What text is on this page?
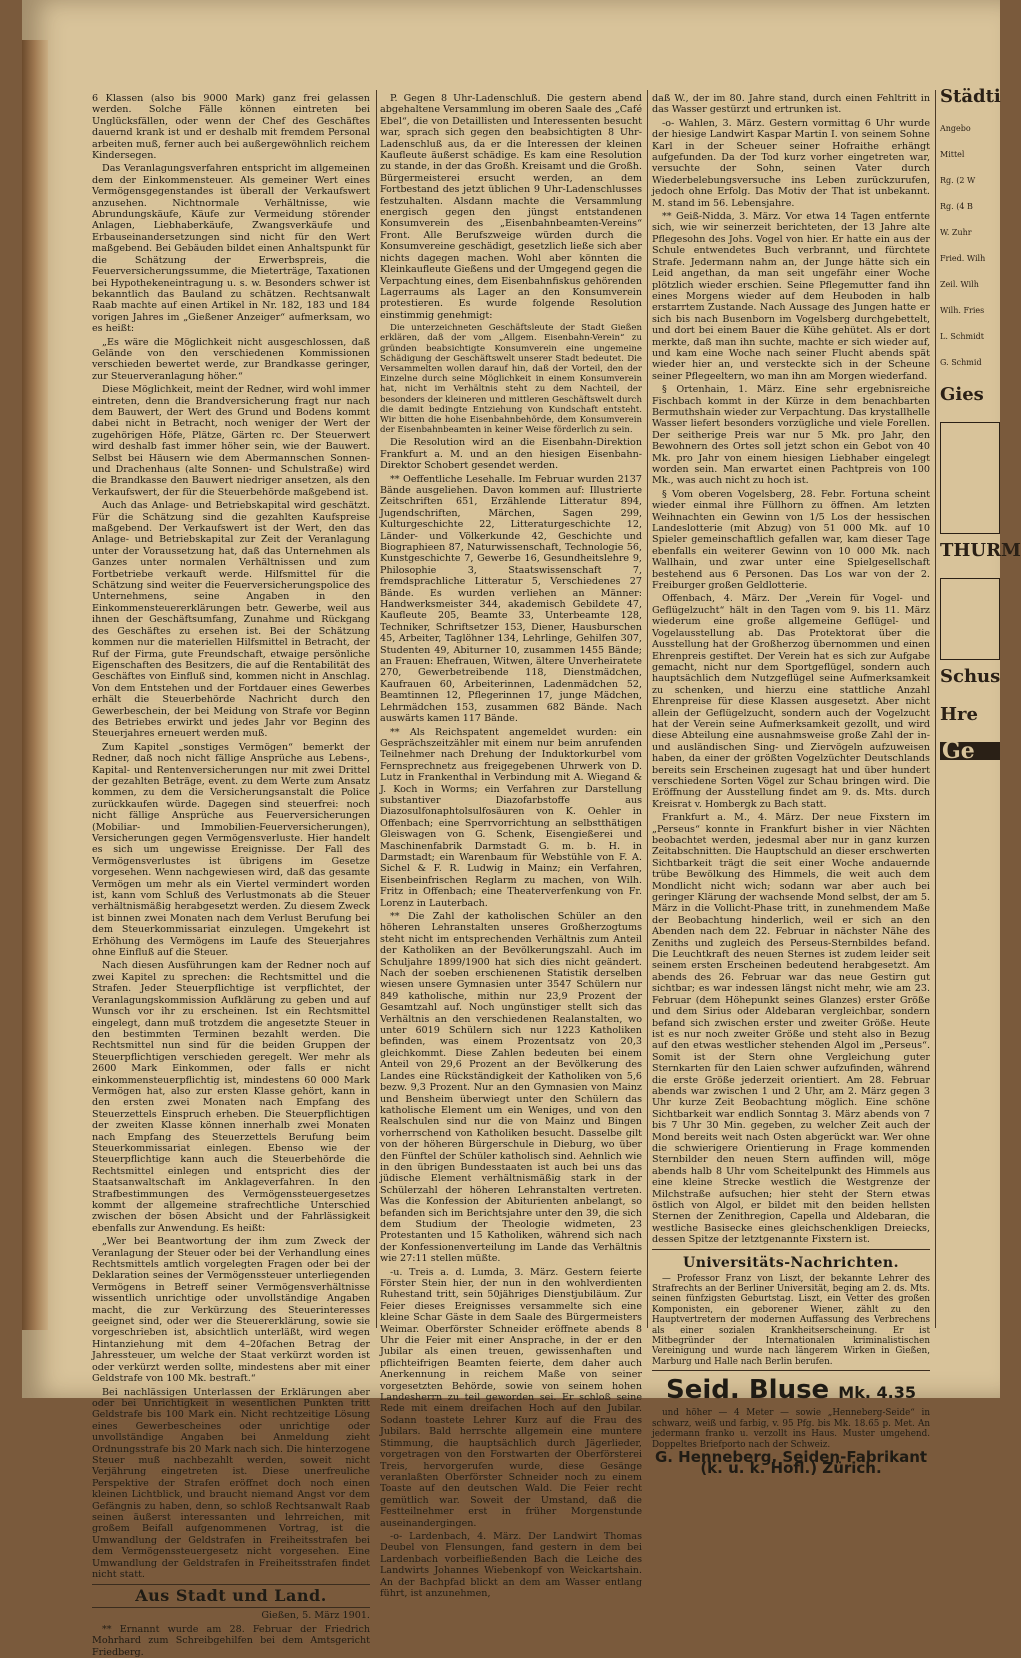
6 Klassen (also bis 9000 Mark) ganz frei gelassen werden. Solche Fälle können eintreten bei Unglücksfällen, oder wenn der Chef des Geschäftes dauernd krank ist und er deshalb mit fremdem Personal arbeiten muß, ferner auch bei außergewöhnlich reichem Kindersegen.

Das Veranlagungsverfahren entspricht im allgemeinen dem der Einkommensteuer. Als gemeiner Wert eines Vermögensgegenstandes ist überall der Verkaufswert anzusehen. Nichtnormale Verhältnisse, wie Abrundungskäufe, Käufe zur Vermeidung störender Anlagen, Liebhaberkäufe, Zwangsverkäufe und Erbauseinandersetzungen sind nicht für den Wert maßgebend. Bei Gebäuden bildet einen Anhaltspunkt für die Schätzung der Erwerbspreis, die Feuerversicherungssumme, die Mieterträge, Taxationen bei Hypothekeneintragung u. s. w. Besonders schwer ist bekanntlich das Bauland zu schätzen. Rechtsanwalt Raab machte auf einen Artikel in Nr. 182, 183 und 184 vorigen Jahres im „Gießener Anzeiger“ aufmerksam, wo es heißt:

„Es wäre die Möglichkeit nicht ausgeschlossen, daß Gelände von den verschiedenen Kommissionen verschieden bewertet werde, zur Brandkasse geringer, zur Steuerveranlagung höher.“

Diese Möglichkeit, meint der Redner, wird wohl immer eintreten, denn die Brandversicherung fragt nur nach dem Bauwert, der Wert des Grund und Bodens kommt dabei nicht in Betracht, noch weniger der Wert der zugehörigen Höfe, Plätze, Gärten rc. Der Steuerwert wird deshalb fast immer höher sein, wie der Bauwert. Selbst bei Häusern wie dem Abermannschen Sonnen- und Drachenhaus (alte Sonnen- und Schulstraße) wird die Brandkasse den Bauwert niedriger ansetzen, als den Verkaufswert, der für die Steuerbehörde maßgebend ist.

Auch das Anlage- und Betriebskapital wird geschätzt. Für die Schätzung sind die gezahlten Kaufspreise maßgebend. Der Verkaufswert ist der Wert, den das Anlage- und Betriebskapital zur Zeit der Veranlagung unter der Voraussetzung hat, daß das Unternehmen als Ganzes unter normalen Verhältnissen und zum Fortbetriebe verkauft werde. Hilfsmittel für die Schätzung sind weiter die Feuerversicherungspolice des Unternehmens, seine Angaben in den Einkommensteuererklärungen betr. Gewerbe, weil aus ihnen der Geschäftsumfang, Zunahme und Rückgang des Geschäftes zu ersehen ist. Bei der Schätzung kommen nur die materiellen Hilfsmittel in Betracht, der Ruf der Firma, gute Freundschaft, etwaige persönliche Eigenschaften des Besitzers, die auf die Rentabilität des Geschäftes von Einfluß sind, kommen nicht in Anschlag. Von dem Entstehen und der Fortdauer eines Gewerbes erhält die Steuerbehörde Nachricht durch den Gewerbeschein, der bei Meidung von Strafe vor Beginn des Betriebes erwirkt und jedes Jahr vor Beginn des Steuerjahres erneuert werden muß.

Zum Kapitel „sonstiges Vermögen“ bemerkt der Redner, daß noch nicht fällige Ansprüche aus Lebens-, Kapital- und Rentenversicherungen nur mit zwei Drittel der gezahlten Beträge, event. zu dem Werte zum Ansatz kommen, zu dem die Versicherungsanstalt die Police zurückkaufen würde. Dagegen sind steuerfrei: noch nicht fällige Ansprüche aus Feuerversicherungen (Mobiliar- und Immobilien-Feuerversicherungen), Versicherungen gegen Vermögensverluste. Hier handelt es sich um ungewisse Ereignisse. Der Fall des Vermögensverlustes ist übrigens im Gesetze vorgesehen. Wenn nachgewiesen wird, daß das gesamte Vermögen um mehr als ein Viertel vermindert worden ist, kann vom Schluß des Verlustmonats ab die Steuer verhältnismäßig herabgesetzt werden. Zu diesem Zweck ist binnen zwei Monaten nach dem Verlust Berufung bei dem Steuerkommissariat einzulegen. Umgekehrt ist Erhöhung des Vermögens im Laufe des Steuerjahres ohne Einfluß auf die Steuer.

Nach diesen Ausführungen kam der Redner noch auf zwei Kapitel zu sprechen: die Rechtsmittel und die Strafen. Jeder Steuerpflichtige ist verpflichtet, der Veranlagungskommission Aufklärung zu geben und auf Wunsch vor ihr zu erscheinen. Ist ein Rechtsmittel eingelegt, dann muß trotzdem die angesetzte Steuer in den bestimmten Terminen bezahlt werden. Die Rechtsmittel nun sind für die beiden Gruppen der Steuerpflichtigen verschieden geregelt. Wer mehr als 2600 Mark Einkommen, oder falls er nicht einkommensteuerpflichtig ist, mindestens 60 000 Mark Vermögen hat, also zur ersten Klasse gehört, kann in den ersten zwei Monaten nach Empfang des Steuerzettels Einspruch erheben. Die Steuerpflichtigen der zweiten Klasse können innerhalb zwei Monaten nach Empfang des Steuerzettels Berufung beim Steuerkommissariat einlegen. Ebenso wie der Steuerpflichtige kann auch die Steuerbehörde die Rechtsmittel einlegen und entspricht dies der Staatsanwaltschaft im Anklageverfahren. In den Strafbestimmungen des Vermögenssteuergesetzes kommt der allgemeine strafrechtliche Unterschied zwischen der bösen Absicht und der Fahrlässigkeit ebenfalls zur Anwendung. Es heißt:

„Wer bei Beantwortung der ihm zum Zweck der Veranlagung der Steuer oder bei der Verhandlung eines Rechtsmittels amtlich vorgelegten Fragen oder bei der Deklaration seines der Vermögenssteuer unterliegenden Vermögens in Betreff seiner Vermögensverhältnisse wissentlich unrichtige oder unvollständige Angaben macht, die zur Verkürzung des Steuerinteresses geeignet sind, oder wer die Steuererklärung, sowie sie vorgeschrieben ist, absichtlich unterläßt, wird wegen Hintanziehung mit dem 4–20fachen Betrag der Jahressteuer, um welche der Staat verkürzt worden ist oder verkürzt werden sollte, mindestens aber mit einer Geldstrafe von 100 Mk. bestraft.“

Bei nachlässigen Unterlassen der Erklärungen aber oder bei Unrichtigkeit in wesentlichen Punkten tritt Geldstrafe bis 100 Mark ein. Nicht rechtzeitige Lösung eines Gewerbescheines oder unrichtige oder unvollständige Angaben bei Anmeldung zieht Ordnungsstrafe bis 20 Mark nach sich. Die hinterzogene Steuer muß nachbezahlt werden, soweit nicht Verjährung eingetreten ist. Diese unerfreuliche Perspektive der Strafen eröffnet doch noch einen kleinen Lichtblick, und braucht niemand Angst vor dem Gefängnis zu haben, denn, so schloß Rechtsanwalt Raab seinen äußerst interessanten und lehrreichen, mit großem Beifall aufgenommenen Vortrag, ist die Umwandlung der Geldstrafen in Freiheitsstrafen bei dem Vermögenssteuergesetz nicht vorgesehen. Eine Umwandlung der Geldstrafen in Freiheitsstrafen findet nicht statt.

Aus Stadt und Land.

Gießen, 5. März 1901.

** Ernannt wurde am 28. Februar der Friedrich Mohrhard zum Schreibgehilfen bei dem Amtsgericht Friedberg.

P. Gegen 8 Uhr-Ladenschluß. Die gestern abend abgehaltene Versammlung im oberen Saale des „Café Ebel“, die von Detaillisten und Interessenten besucht war, sprach sich gegen den beabsichtigten 8 Uhr-Ladenschluß aus, da er die Interessen der kleinen Kaufleute äußerst schädige. Es kam eine Resolution zu stande, in der das Großh. Kreisamt und die Großh. Bürgermeisterei ersucht werden, an dem Fortbestand des jetzt üblichen 9 Uhr-Ladenschlusses festzuhalten. Alsdann machte die Versammlung energisch gegen den jüngst entstandenen Konsumverein des „Eisenbahnbeamten-Vereins“ Front. Alle Berufszweige würden durch die Konsumvereine geschädigt, gesetzlich ließe sich aber nichts dagegen machen. Wohl aber könnten die Kleinkaufleute Gießens und der Umgegend gegen die Verpachtung eines, dem Eisenbahnfiskus gehörenden Lagerraums als Lager an den Konsumverein protestieren. Es wurde folgende Resolution einstimmig genehmigt:

Die unterzeichneten Geschäftsleute der Stadt Gießen erklären, daß der vom „Allgem. Eisenbahn-Verein“ zu gründen beabsichtigte Konsumverein eine ungemeine Schädigung der Geschäftswelt unserer Stadt bedeutet. Die Versammelten wollen darauf hin, daß der Vorteil, den der Einzelne durch seine Möglichkeit in einem Konsumverein hat, nicht im Verhältnis steht zu dem Nachteil, der besonders der kleineren und mittleren Geschäftswelt durch die damit bedingte Entziehung von Kundschaft entsteht. Wir bitten die hohe Eisenbahnbehörde, dem Konsumverein der Eisenbahnbeamten in keiner Weise förderlich zu sein.

Die Resolution wird an die Eisenbahn-Direktion Frankfurt a. M. und an den hiesigen Eisenbahn-Direktor Schobert gesendet werden.

** Oeffentliche Lesehalle. Im Februar wurden 2137 Bände ausgeliehen. Davon kommen auf: Illustrierte Zeitschriften 651, Erzählende Litteratur 894, Jugendschriften, Märchen, Sagen 299, Kulturgeschichte 22, Litteraturgeschichte 12, Länder- und Völkerkunde 42, Geschichte und Biographieen 87, Naturwissenschaft, Technologie 56, Kunstgeschichte 7, Gewerbe 16, Gesundheitslehre 9, Philosophie 3, Staatswissenschaft 7, fremdsprachliche Litteratur 5, Verschiedenes 27 Bände. Es wurden verliehen an Männer: Handwerksmeister 344, akademisch Gebildete 47, Kaufleute 205, Beamte 33, Unterbeamte 128, Techniker, Schriftsetzer 153, Diener, Hausburschen 45, Arbeiter, Taglöhner 134, Lehrlinge, Gehilfen 307, Studenten 49, Abiturner 10, zusammen 1455 Bände; an Frauen: Ehefrauen, Witwen, ältere Unverheiratete 270, Gewerbetreibende 118, Dienstmädchen, Kaufrauen 60, Arbeiterinnen, Ladenmädchen 52, Beamtinnen 12, Pflegerinnen 17, junge Mädchen, Lehrmädchen 153, zusammen 682 Bände. Nach auswärts kamen 117 Bände.

** Als Reichspatent angemeldet wurden: ein Gesprächszeitzähler mit einem nur beim anrufenden Teilnehmer nach Drehung der Induktorkurbel vom Fernsprechnetz aus freigegebenen Uhrwerk von D. Lutz in Frankenthal in Verbindung mit A. Wiegand & J. Koch in Worms; ein Verfahren zur Darstellung substantiver Diazofarbstoffe aus Diazosulfonaphtolsulfosäuren von K. Oehler in Offenbach; eine Sperrvorrichtung an selbstthätigen Gleiswagen von G. Schenk, Eisengießerei und Maschinenfabrik Darmstadt G. m. b. H. in Darmstadt; ein Warenbaum für Webstühle von F. A. Sichel & F. R. Ludwig in Mainz; ein Verfahren, Eisenbeinfrischen Reglarm zu machen, von Wilh. Fritz in Offenbach; eine Theaterverfenkung von Fr. Lorenz in Lauterbach.

** Die Zahl der katholischen Schüler an den höheren Lehranstalten unseres Großherzogtums steht nicht im entsprechenden Verhältnis zum Anteil der Katholiken an der Bevölkerungszahl. Auch im Schuljahre 1899/1900 hat sich dies nicht geändert. Nach der soeben erschienenen Statistik derselben wiesen unsere Gymnasien unter 3547 Schülern nur 849 katholische, mithin nur 23,9 Prozent der Gesamtzahl auf. Noch ungünstiger stellt sich das Verhältnis an den verschiedenen Realanstalten, wo unter 6019 Schülern sich nur 1223 Katholiken befinden, was einem Prozentsatz von 20,3 gleichkommt. Diese Zahlen bedeuten bei einem Anteil von 29,6 Prozent an der Bevölkerung des Landes eine Rückständigkeit der Katholiken von 5,6 bezw. 9,3 Prozent. Nur an den Gymnasien von Mainz und Bensheim überwiegt unter den Schülern das katholische Element um ein Weniges, und von den Realschulen sind nur die von Mainz und Bingen vorherrschend von Katholiken besucht. Dasselbe gilt von der höheren Bürgerschule in Dieburg, wo über den Fünftel der Schüler katholisch sind. Aehnlich wie in den übrigen Bundesstaaten ist auch bei uns das jüdische Element verhältnismäßig stark in der Schülerzahl der höheren Lehranstalten vertreten. Was die Konfession der Abiturienten anbelangt, so befanden sich im Berichtsjahre unter den 39, die sich dem Studium der Theologie widmeten, 23 Protestanten und 15 Katholiken, während sich nach der Konfessionenverteilung im Lande das Verhältnis wie 27:11 stellen müßte.

-u. Treis a. d. Lumda, 3. März. Gestern feierte Förster Stein hier, der nun in den wohlverdienten Ruhestand tritt, sein 50jähriges Dienstjubiläum. Zur Feier dieses Ereignisses versammelte sich eine kleine Schar Gäste in dem Saale des Bürgermeisters Weimar. Oberförster Schneider eröffnete abends 8 Uhr die Feier mit einer Ansprache, in der er den Jubilar als einen treuen, gewissenhaften und pflichteifrigen Beamten feierte, dem daher auch Anerkennung in reichem Maße von seiner vorgesetzten Behörde, sowie von seinem hohen Landesherrn zu teil geworden sei. Er schloß seine Rede mit einem dreifachen Hoch auf den Jubilar. Sodann toastete Lehrer Kurz auf die Frau des Jubilars. Bald herrschte allgemein eine muntere Stimmung, die hauptsächlich durch Jägerlieder, vorgetragen von den Forstwarten der Oberförsterei Treis, hervorgerufen wurde, diese Gesänge veranlaßten Oberförster Schneider noch zu einem Toaste auf den deutschen Wald. Die Feier recht gemütlich war. Soweit der Umstand, daß die Festteilnehmer erst in früher Morgenstunde auseinandergingen.

-o- Lardenbach, 4. März. Der Landwirt Thomas Deubel von Flensungen, fand gestern in dem bei Lardenbach vorbeifließenden Bach die Leiche des Landwirts Johannes Wiebenkopf von Weickartshain. An der Bachpfad blickt an dem am Wasser entlang führt, ist anzunehmen,

daß W., der im 80. Jahre stand, durch einen Fehltritt in das Wasser gestürzt und ertrunken ist.

-o- Wahlen, 3. März. Gestern vormittag 6 Uhr wurde der hiesige Landwirt Kaspar Martin I. von seinem Sohne Karl in der Scheuer seiner Hofraithe erhängt aufgefunden. Da der Tod kurz vorher eingetreten war, versuchte der Sohn, seinen Vater durch Wiederbelebungsversuche ins Leben zurückzurufen, jedoch ohne Erfolg. Das Motiv der That ist unbekannt. M. stand im 56. Lebensjahre.

** Geiß-Nidda, 3. März. Vor etwa 14 Tagen entfernte sich, wie wir seinerzeit berichteten, der 13 Jahre alte Pflegesohn des Johs. Vogel von hier. Er hatte ein aus der Schule entwendetes Buch verbrannt, und fürchtete Strafe. Jedermann nahm an, der Junge hätte sich ein Leid angethan, da man seit ungefähr einer Woche plötzlich wieder erschien. Seine Pflegemutter fand ihn eines Morgens wieder auf dem Heuboden in halb erstarrtem Zustande. Nach Aussage des Jungen hatte er sich bis nach Busenborn im Vogelsberg durchgebettelt, und dort bei einem Bauer die Kühe gehütet. Als er dort merkte, daß man ihn suchte, machte er sich wieder auf, und kam eine Woche nach seiner Flucht abends spät wieder hier an, und versteckte sich in der Scheune seiner Pflegeeltern, wo man ihn am Morgen wiederfand.

§ Ortenhain, 1. März. Eine sehr ergebnisreiche Fischbach kommt in der Kürze in dem benachbarten Bermuthshain wieder zur Verpachtung. Das krystallhelle Wasser liefert besonders vorzügliche und viele Forellen. Der seitherige Preis war nur 5 Mk. pro Jahr, den Bewohnern des Ortes soll jetzt schon ein Gebot von 40 Mk. pro Jahr von einem hiesigen Liebhaber eingelegt worden sein. Man erwartet einen Pachtpreis von 100 Mk., was auch nicht zu hoch ist.

§ Vom oberen Vogelsberg, 28. Febr. Fortuna scheint wieder einmal ihre Füllhorn zu öffnen. Am letzten Weihnachten ein Gewinn von 1/5 Los der hessischen Landeslotterie (mit Abzug) von 51 000 Mk. auf 10 Spieler gemeinschaftlich gefallen war, kam dieser Tage ebenfalls ein weiterer Gewinn von 10 000 Mk. nach Wallhain, und zwar unter eine Spielgesellschaft bestehend aus 6 Personen. Das Los war von der 2. Freiburger großen Geldlotterie.

Offenbach, 4. März. Der „Verein für Vogel- und Geflügelzucht“ hält in den Tagen vom 9. bis 11. März wiederum eine große allgemeine Geflügel- und Vogelausstellung ab. Das Protektorat über die Ausstellung hat der Großherzog übernommen und einen Ehrenpreis gestiftet. Der Verein hat es sich zur Aufgabe gemacht, nicht nur dem Sportgeflügel, sondern auch hauptsächlich dem Nutzgeflügel seine Aufmerksamkeit zu schenken, und hierzu eine stattliche Anzahl Ehrenpreise für diese Klassen ausgesetzt. Aber nicht allein der Geflügelzucht, sondern auch der Vogelzucht hat der Verein seine Aufmerksamkeit gezollt, und wird diese Abteilung eine ausnahmsweise große Zahl der in- und ausländischen Sing- und Ziervögeln aufzuweisen haben, da einer der größten Vogelzüchter Deutschlands bereits sein Erscheinen zugesagt hat und über hundert verschiedene Sorten Vögel zur Schau bringen wird. Die Eröffnung der Ausstellung findet am 9. ds. Mts. durch Kreisrat v. Hombergk zu Bach statt.

Frankfurt a. M., 4. März. Der neue Fixstern im „Perseus“ konnte in Frankfurt bisher in vier Nächten beobachtet werden, jedesmal aber nur in ganz kurzen Zeitabschnitten. Die Hauptschuld an dieser erschwerten Sichtbarkeit trägt die seit einer Woche andauernde trübe Bewölkung des Himmels, die weit auch dem Mondlicht nicht wich; sodann war aber auch bei geringer Klärung der wachsende Mond selbst, der am 5. März in die Vollicht-Phase tritt, in zunehmendem Maße der Beobachtung hinderlich, weil er sich an den Abenden nach dem 22. Februar in nächster Nähe des Zeniths und zugleich des Perseus-Sternbildes befand. Die Leuchtkraft des neuen Sternes ist zudem leider seit seinem ersten Erscheinen bedeutend herabgesetzt. Am abends des 26. Februar war das neue Gestirn gut sichtbar; es war indessen längst nicht mehr, wie am 23. Februar (dem Höhepunkt seines Glanzes) erster Größe und dem Sirius oder Aldebaran vergleichbar, sondern befand sich zwischen erster und zweiter Größe. Heute ist es nur noch zweiter Größe und steht also in Bezug auf den etwas westlicher stehenden Algol im „Perseus“. Somit ist der Stern ohne Vergleichung guter Sternkarten für den Laien schwer aufzufinden, während die erste Größe jederzeit orientiert. Am 28. Februar abends war zwischen 1 und 2 Uhr, am 2. März gegen 3 Uhr kurze Zeit Beobachtung möglich. Eine schöne Sichtbarkeit war endlich Sonntag 3. März abends von 7 bis 7 Uhr 30 Min. gegeben, zu welcher Zeit auch der Mond bereits weit nach Osten abgerückt war. Wer ohne die schwierigere Orientierung in Frage kommenden Sternbilder den neuen Stern auffinden will, möge abends halb 8 Uhr vom Scheitelpunkt des Himmels aus eine kleine Strecke westlich die Westgrenze der Milchstraße aufsuchen; hier steht der Stern etwas östlich von Algol, er bildet mit den beiden hellsten Sternen der Zenithregion, Capella und Aldebaran, die westliche Basisecke eines gleichschenkligen Dreiecks, dessen Spitze der letztgenannte Fixstern ist.

Universitäts-Nachrichten.

— Professor Franz von Liszt, der bekannte Lehrer des Strafrechts an der Berliner Universität, beging am 2. ds. Mts. seinen fünfzigsten Geburtstag. Liszt, ein Vetter des großen Komponisten, ein geborener Wiener, zählt zu den Hauptvertretern der modernen Auffassung des Verbrechens als einer sozialen Krankheitserscheinung. Er ist Mitbegründer der Internationalen kriminalistischen Vereinigung und wurde nach längerem Wirken in Gießen, Marburg und Halle nach Berlin berufen.

Seid. Bluse Mk. 4.35

und höher — 4 Meter — sowie „Henneberg-Seide“ in schwarz, weiß und farbig, v. 95 Pfg. bis Mk. 18.65 p. Met. An jedermann franko u. verzollt ins Haus. Muster umgehend. Doppeltes Briefporto nach der Schweiz.

G. Henneberg, Seiden-Fabrikant (k. u. k. Hofl.) Zürich.
Städti
Angebo
Mittel
Rg. (2 W
Rg. (4 B
W. Zuhr
Fried. Wilh
Zeil. Wilh
Wilh. Fries
L. Schmidt
G. Schmid
Gies
THURM
Schus
Hre
Ge
